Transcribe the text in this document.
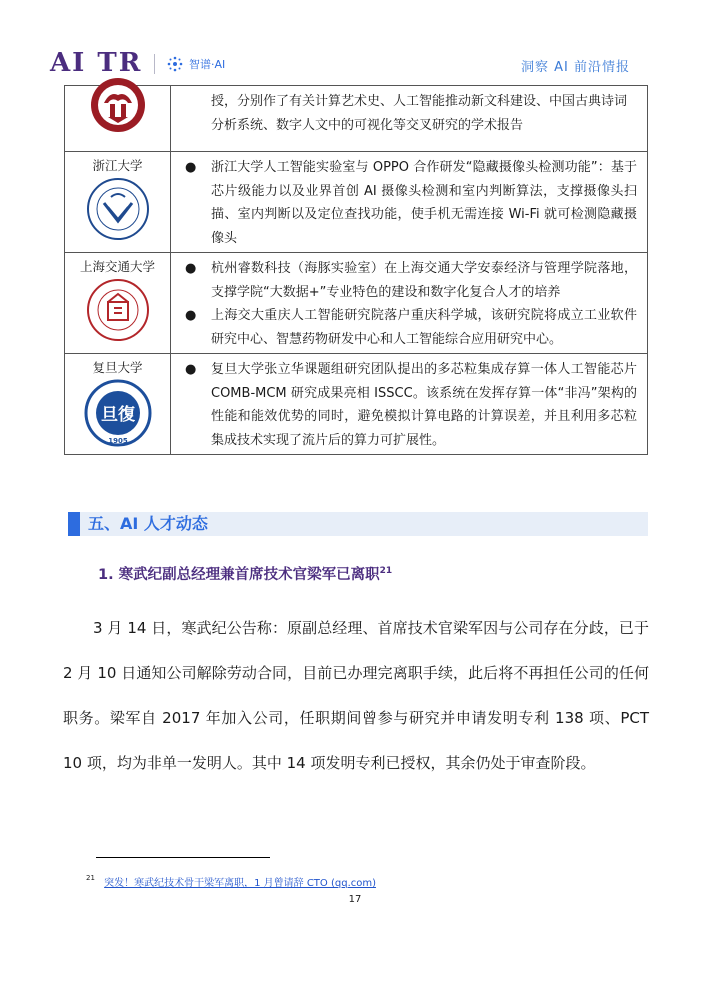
AI TR	智谱·AI	洞察 AI 前沿情报

授，分别作了有关计算艺术史、人工智能推动新文科建设、中国古典诗词分析系统、数字人文中的可视化等交叉研究的学术报告

浙江大学	● 浙江大学人工智能实验室与 OPPO 合作研发“隐藏摄像头检测功能”：基于芯片级能力以及业界首创 AI 摄像头检测和室内判断算法，支撑摄像头扫描、室内判断以及定位查找功能，使手机无需连接 Wi-Fi 就可检测隐藏摄像头

上海交通大学	● 杭州睿数科技（海豚实验室）在上海交通大学安泰经济与管理学院落地，支撑学院“大数据+”专业特色的建设和数字化复合人才的培养
● 上海交大重庆人工智能研究院落户重庆科学城，该研究院将成立工业软件研究中心、智慧药物研发中心和人工智能综合应用研究中心。

复旦大学
旦復
1905	● 复旦大学张立华课题组研究团队提出的多芯粒集成存算一体人工智能芯片 COMB-MCM 研究成果亮相 ISSCC。该系统在发挥存算一体“非冯”架构的性能和能效优势的同时，避免模拟计算电路的计算误差，并且利用多芯粒集成技术实现了流片后的算力可扩展性。
五、AI 人才动态
1. 寒武纪副总经理兼首席技术官梁军已离职$^{21}$

3 月 14 日，寒武纪公告称：原副总经理、首席技术官梁军因与公司存在分歧，已于 2 月 10 日通知公司解除劳动合同，目前已办理完离职手续，此后将不再担任公司的任何职务。梁军自 2017 年加入公司，任职期间曾参与研究并申请发明专利 138 项、PCT 10 项，均为非单一发明人。其中 14 项发明专利已授权，其余仍处于审查阶段。

$^{21}$ 突发！寒武纪技术骨干梁军离职，1 月曾请辞 CTO (qq.com)
17
